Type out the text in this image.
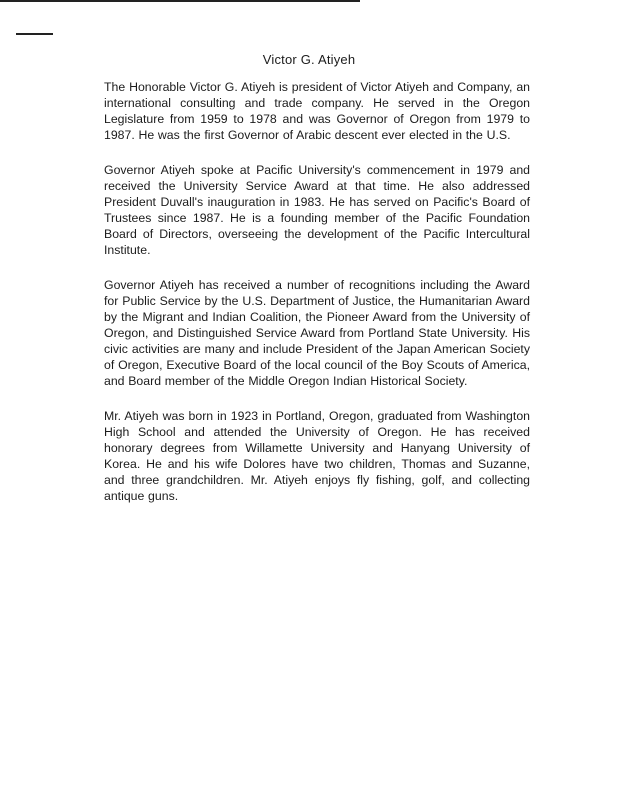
Victor G. Atiyeh

The Honorable Victor G. Atiyeh is president of Victor Atiyeh and Company, an international consulting and trade company. He served in the Oregon Legislature from 1959 to 1978 and was Governor of Oregon from 1979 to 1987. He was the first Governor of Arabic descent ever elected in the U.S.

Governor Atiyeh spoke at Pacific University's commencement in 1979 and received the University Service Award at that time. He also addressed President Duvall's inauguration in 1983. He has served on Pacific's Board of Trustees since 1987. He is a founding member of the Pacific Foundation Board of Directors, overseeing the development of the Pacific Intercultural Institute.

Governor Atiyeh has received a number of recognitions including the Award for Public Service by the U.S. Department of Justice, the Humanitarian Award by the Migrant and Indian Coalition, the Pioneer Award from the University of Oregon, and Distinguished Service Award from Portland State University. His civic activities are many and include President of the Japan American Society of Oregon, Executive Board of the local council of the Boy Scouts of America, and Board member of the Middle Oregon Indian Historical Society.

Mr. Atiyeh was born in 1923 in Portland, Oregon, graduated from Washington High School and attended the University of Oregon. He has received honorary degrees from Willamette University and Hanyang University of Korea. He and his wife Dolores have two children, Thomas and Suzanne, and three grandchildren. Mr. Atiyeh enjoys fly fishing, golf, and collecting antique guns.
